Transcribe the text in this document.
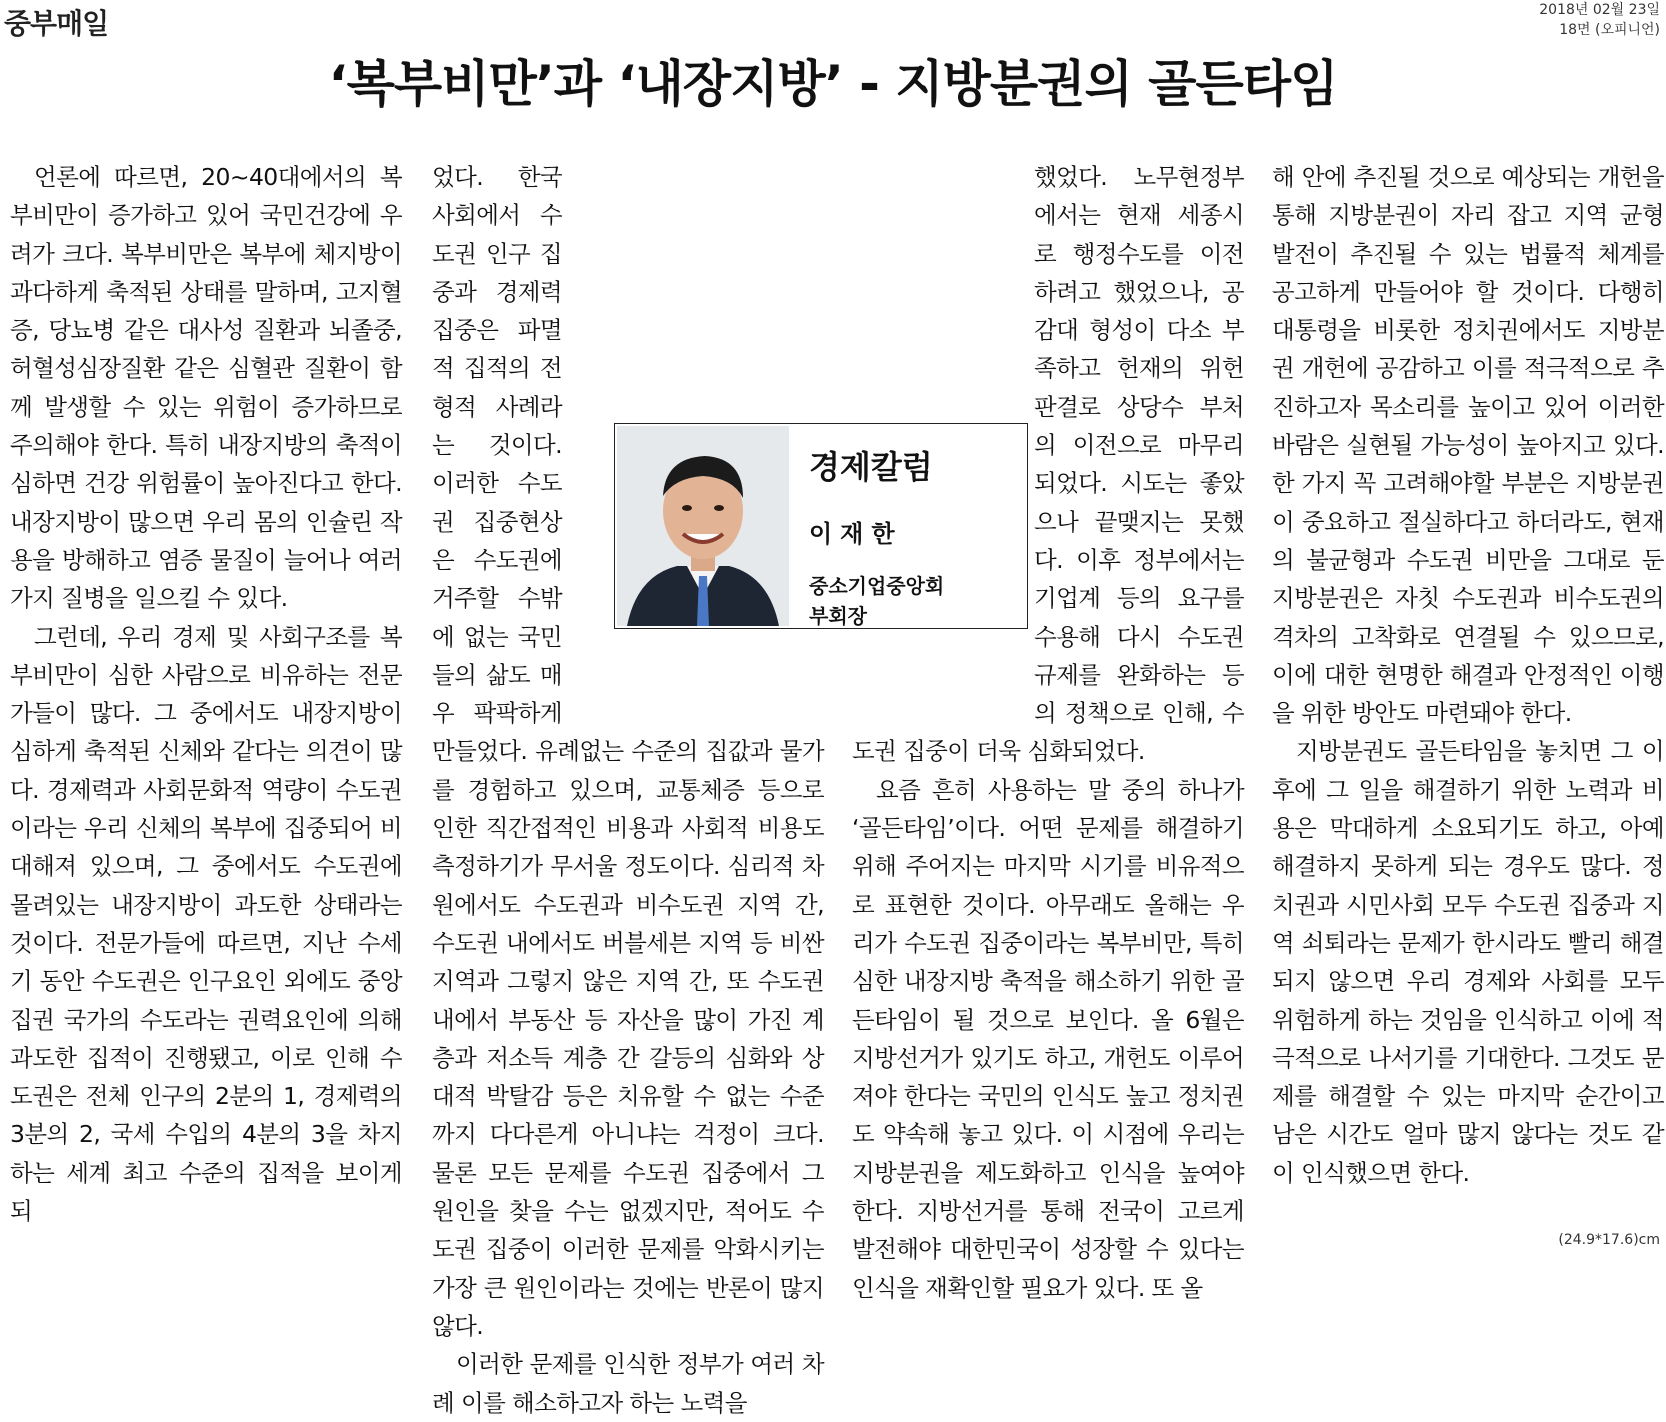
중부매일	2018년 02월 23일
18면 (오피니언)
‘복부비만’과 ‘내장지방’ - 지방분권의 골든타임

언론에 따르면, 20~40대에서의 복부비만이 증가하고 있어 국민건강에 우려가 크다. 복부비만은 복부에 체지방이 과다하게 축적된 상태를 말하며, 고지혈증, 당뇨병 같은 대사성 질환과 뇌졸중, 허혈성심장질환 같은 심혈관 질환이 함께 발생할 수 있는 위험이 증가하므로 주의해야 한다. 특히 내장지방의 축적이 심하면 건강 위험률이 높아진다고 한다. 내장지방이 많으면 우리 몸의 인슐린 작용을 방해하고 염증 물질이 늘어나 여러 가지 질병을 일으킬 수 있다.

그런데, 우리 경제 및 사회구조를 복부비만이 심한 사람으로 비유하는 전문가들이 많다. 그 중에서도 내장지방이 심하게 축적된 신체와 같다는 의견이 많다. 경제력과 사회문화적 역량이 수도권이라는 우리 신체의 복부에 집중되어 비대해져 있으며, 그 중에서도 수도권에 몰려있는 내장지방이 과도한 상태라는 것이다. 전문가들에 따르면, 지난 수세기 동안 수도권은 인구요인 외에도 중앙집권 국가의 수도라는 권력요인에 의해 과도한 집적이 진행됐고, 이로 인해 수도권은 전체 인구의 2분의 1, 경제력의 3분의 2, 국세 수입의 4분의 3을 차지하는 세계 최고 수준의 집적을 보이게 되

었다. 한국 사회에서 수도권 인구 집중과 경제력 집중은 파멸적 집적의 전형적 사례라는 것이다. 이러한 수도권 집중현상은 수도권에 거주할 수밖에 없는 국민들의 삶도 매우 팍팍하게 만들었다. 유례없는 수준의 집값과 물가를 경험하고 있으며, 교통체증 등으로 인한 직간접적인 비용과 사회적 비용도 측정하기가 무서울 정도이다. 심리적 차원에서도 수도권과 비수도권 지역 간, 수도권 내에서도 버블세븐 지역 등 비싼 지역과 그렇지 않은 지역 간, 또 수도권 내에서 부동산 등 자산을 많이 가진 계층과 저소득 계층 간 갈등의 심화와 상대적 박탈감 등은 치유할 수 없는 수준까지 다다른게 아니냐는 걱정이 크다. 물론 모든 문제를 수도권 집중에서 그 원인을 찾을 수는 없겠지만, 적어도 수도권 집중이 이러한 문제를 악화시키는 가장 큰 원인이라는 것에는 반론이 많지 않다.

이러한 문제를 인식한 정부가 여러 차례 이를 해소하고자 하는 노력을

했었다. 노무현정부에서는 현재 세종시로 행정수도를 이전하려고 했었으나, 공감대 형성이 다소 부족하고 헌재의 위헌판결로 상당수 부처의 이전으로 마무리되었다. 시도는 좋았으나 끝맺지는 못했다. 이후 정부에서는 기업계 등의 요구를 수용해 다시 수도권 규제를 완화하는 등의 정책으로 인해, 수도권 집중이 더욱 심화되었다.

요즘 흔히 사용하는 말 중의 하나가 ‘골든타임’이다. 어떤 문제를 해결하기 위해 주어지는 마지막 시기를 비유적으로 표현한 것이다. 아무래도 올해는 우리가 수도권 집중이라는 복부비만, 특히 심한 내장지방 축적을 해소하기 위한 골든타임이 될 것으로 보인다. 올 6월은 지방선거가 있기도 하고, 개헌도 이루어져야 한다는 국민의 인식도 높고 정치권도 약속해 놓고 있다. 이 시점에 우리는 지방분권을 제도화하고 인식을 높여야 한다. 지방선거를 통해 전국이 고르게 발전해야 대한민국이 성장할 수 있다는 인식을 재확인할 필요가 있다. 또 올

해 안에 추진될 것으로 예상되는 개헌을 통해 지방분권이 자리 잡고 지역 균형 발전이 추진될 수 있는 법률적 체계를 공고하게 만들어야 할 것이다. 다행히 대통령을 비롯한 정치권에서도 지방분권 개헌에 공감하고 이를 적극적으로 추진하고자 목소리를 높이고 있어 이러한 바람은 실현될 가능성이 높아지고 있다. 한 가지 꼭 고려해야할 부분은 지방분권이 중요하고 절실하다고 하더라도, 현재의 불균형과 수도권 비만을 그대로 둔 지방분권은 자칫 수도권과 비수도권의 격차의 고착화로 연결될 수 있으므로, 이에 대한 현명한 해결과 안정적인 이행을 위한 방안도 마련돼야 한다.

지방분권도 골든타임을 놓치면 그 이후에 그 일을 해결하기 위한 노력과 비용은 막대하게 소요되기도 하고, 아예 해결하지 못하게 되는 경우도 많다. 정치권과 시민사회 모두 수도권 집중과 지역 쇠퇴라는 문제가 한시라도 빨리 해결되지 않으면 우리 경제와 사회를 모두 위험하게 하는 것임을 인식하고 이에 적극적으로 나서기를 기대한다. 그것도 문제를 해결할 수 있는 마지막 순간이고 남은 시간도 얼마 많지 않다는 것도 같이 인식했으면 한다.

경제칼럼
이재한
중소기업중앙회
부회장
(24.9*17.6)cm
